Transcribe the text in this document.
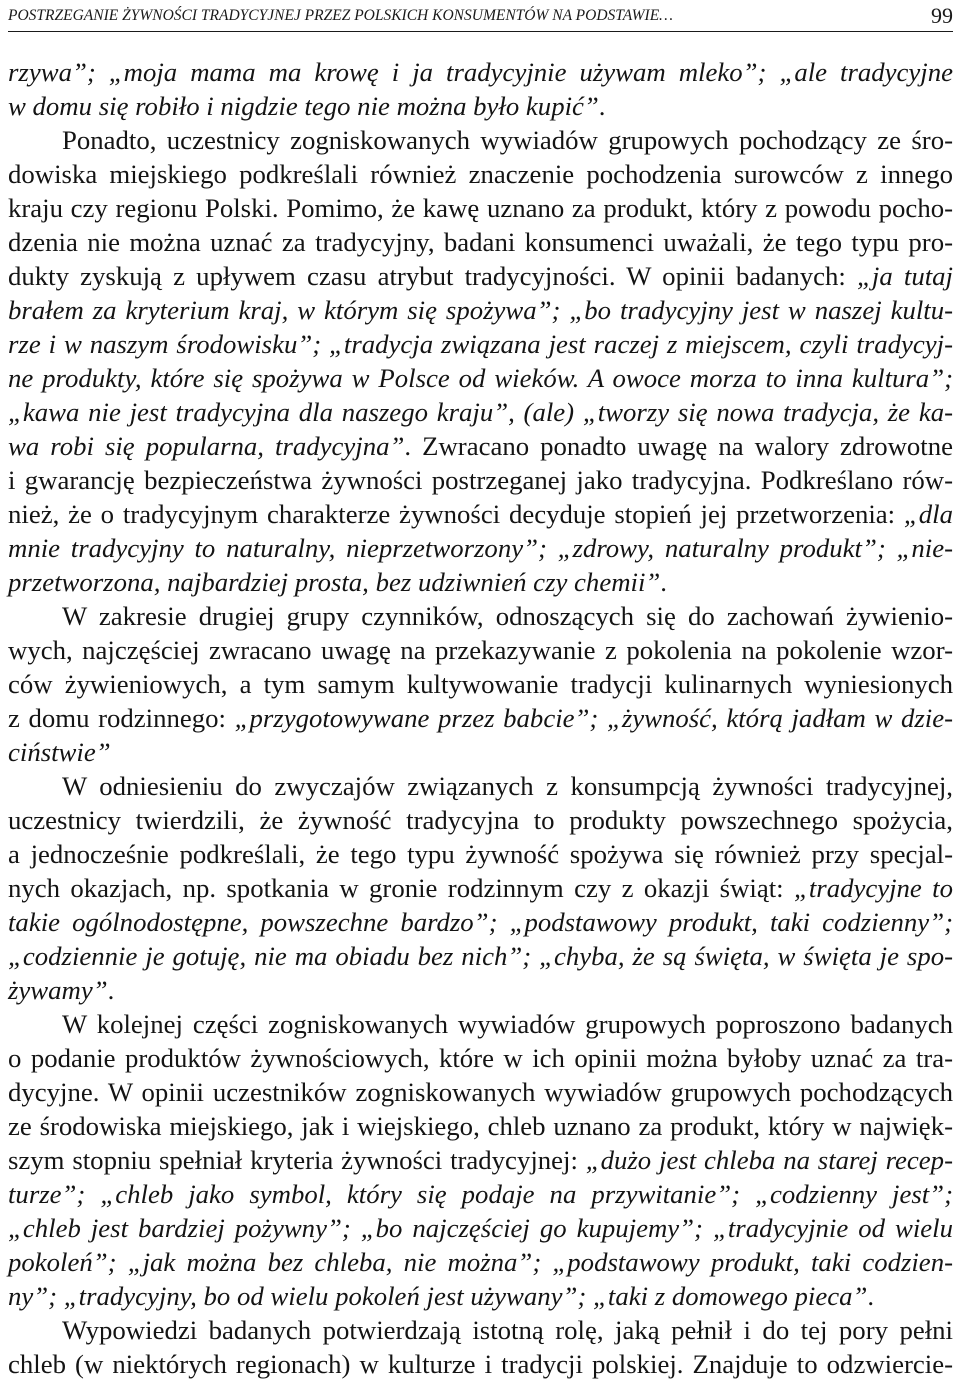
POSTRZEGANIE ŻYWNOŚCI TRADYCYJNEJ PRZEZ POLSKICH KONSUMENTÓW NA PODSTAWIE…	99
rzywa”; „moja mama ma krowę i ja tradycyjnie używam mleko”; „ale tradycyjne
w domu się robiło i nigdzie tego nie można było kupić”.
Ponadto, uczestnicy zogniskowanych wywiadów grupowych pochodzący ze śro-
dowiska miejskiego podkreślali również znaczenie pochodzenia surowców z innego
kraju czy regionu Polski. Pomimo, że kawę uznano za produkt, który z powodu pocho-
dzenia nie można uznać za tradycyjny, badani konsumenci uważali, że tego typu pro-
dukty zyskują z upływem czasu atrybut tradycyjności. W opinii badanych: „ja tutaj
brałem za kryterium kraj, w którym się spożywa”; „bo tradycyjny jest w naszej kultu-
rze i w naszym środowisku”; „tradycja związana jest raczej z miejscem, czyli tradycyj-
ne produkty, które się spożywa w Polsce od wieków. A owoce morza to inna kultura”;
„kawa nie jest tradycyjna dla naszego kraju”, (ale) „tworzy się nowa tradycja, że ka-
wa robi się popularna, tradycyjna”. Zwracano ponadto uwagę na walory zdrowotne
i gwarancję bezpieczeństwa żywności postrzeganej jako tradycyjna. Podkreślano rów-
nież, że o tradycyjnym charakterze żywności decyduje stopień jej przetworzenia: „dla
mnie tradycyjny to naturalny, nieprzetworzony”; „zdrowy, naturalny produkt”; „nie-
przetworzona, najbardziej prosta, bez udziwnień czy chemii”.
W zakresie drugiej grupy czynników, odnoszących się do zachowań żywienio-
wych, najczęściej zwracano uwagę na przekazywanie z pokolenia na pokolenie wzor-
ców żywieniowych, a tym samym kultywowanie tradycji kulinarnych wyniesionych
z domu rodzinnego: „przygotowywane przez babcie”; „żywność, którą jadłam w dzie-
ciństwie”
W odniesieniu do zwyczajów związanych z konsumpcją żywności tradycyjnej,
uczestnicy twierdzili, że żywność tradycyjna to produkty powszechnego spożycia,
a jednocześnie podkreślali, że tego typu żywność spożywa się również przy specjal-
nych okazjach, np. spotkania w gronie rodzinnym czy z okazji świąt: „tradycyjne to
takie ogólnodostępne, powszechne bardzo”; „podstawowy produkt, taki codzienny”;
„codziennie je gotuję, nie ma obiadu bez nich”; „chyba, że są święta, w święta je spo-
żywamy”.
W kolejnej części zogniskowanych wywiadów grupowych poproszono badanych
o podanie produktów żywnościowych, które w ich opinii można byłoby uznać za tra-
dycyjne. W opinii uczestników zogniskowanych wywiadów grupowych pochodzących
ze środowiska miejskiego, jak i wiejskiego, chleb uznano za produkt, który w najwięk-
szym stopniu spełniał kryteria żywności tradycyjnej: „dużo jest chleba na starej recep-
turze”; „chleb jako symbol, który się podaje na przywitanie”; „codzienny jest”;
„chleb jest bardziej pożywny”; „bo najczęściej go kupujemy”; „tradycyjnie od wielu
pokoleń”; „jak można bez chleba, nie można”; „podstawowy produkt, taki codzien-
ny”; „tradycyjny, bo od wielu pokoleń jest używany”; „taki z domowego pieca”.
Wypowiedzi badanych potwierdzają istotną rolę, jaką pełnił i do tej pory pełni
chleb (w niektórych regionach) w kulturze i tradycji polskiej. Znajduje to odzwiercie-
